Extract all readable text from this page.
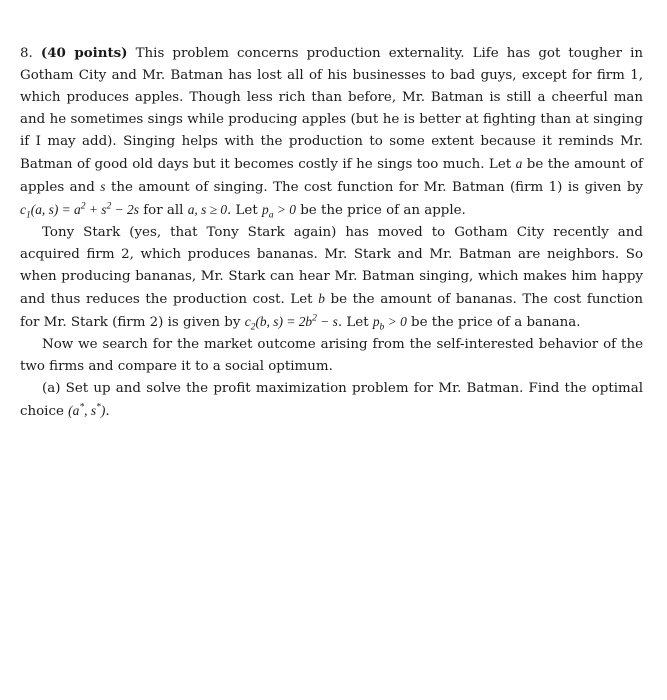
8. (40 points) This problem concerns production externality. Life has got tougher in Gotham City and Mr. Batman has lost all of his businesses to bad guys, except for firm 1, which produces apples. Though less rich than before, Mr. Batman is still a cheerful man and he sometimes sings while producing apples (but he is better at fighting than at singing if I may add). Singing helps with the production to some extent because it reminds Mr. Batman of good old days but it becomes costly if he sings too much. Let a be the amount of apples and s the amount of singing. The cost function for Mr. Batman (firm 1) is given by $c_1(a$, $s) = a^2 + s^2 - 2s$ for all a, s ≥ 0. Let $p_a > 0$ be the price of an apple.

Tony Stark (yes, that Tony Stark again) has moved to Gotham City recently and acquired firm 2, which produces bananas. Mr. Stark and Mr. Batman are neighbors. So when producing bananas, Mr. Stark can hear Mr. Batman singing, which makes him happy and thus reduces the production cost. Let b be the amount of bananas. The cost function for Mr. Stark (firm 2) is given by $c_2(b$, $s) = 2b^2 - s$. Let $p_b > 0$ be the price of a banana.

Now we search for the market outcome arising from the self-interested behavior of the two firms and compare it to a social optimum.

(a) Set up and solve the profit maximization problem for Mr. Batman. Find the optimal choice (a*, s*).
